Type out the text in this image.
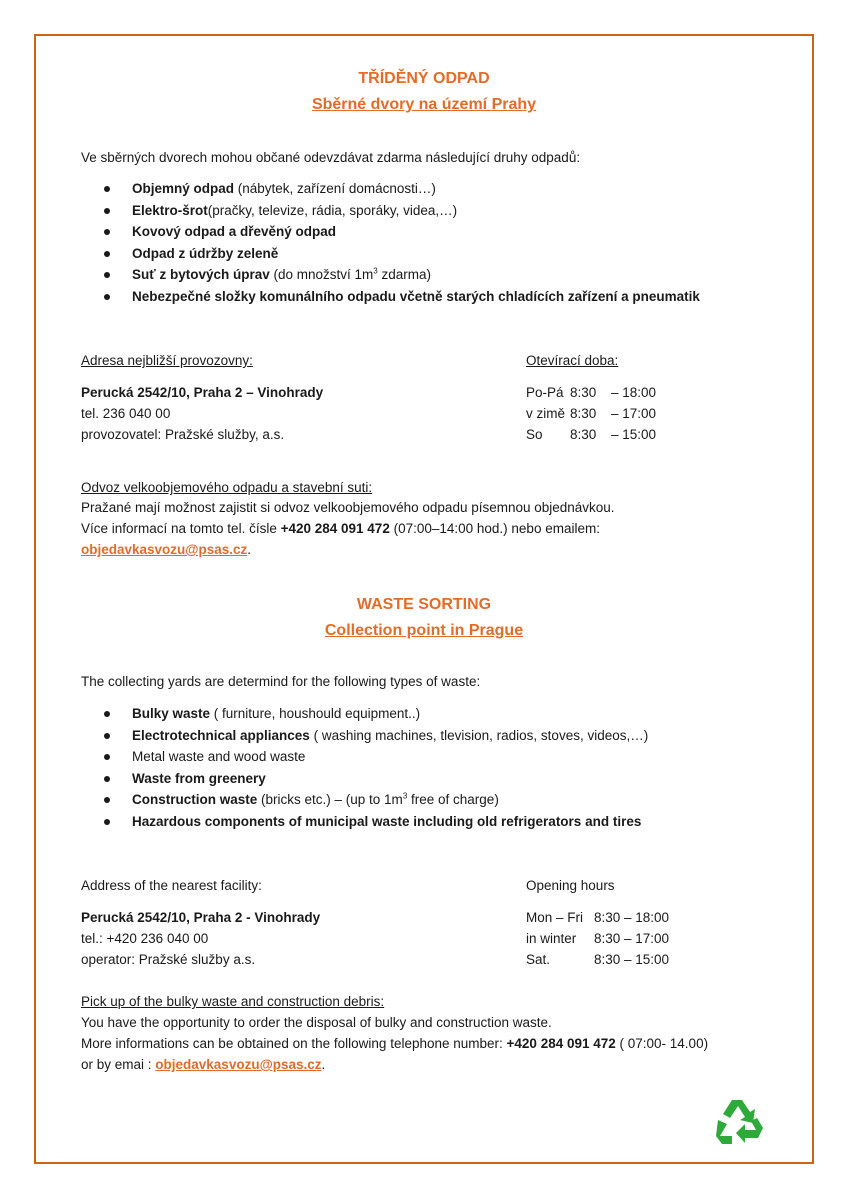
TŘÍDĚNÝ ODPAD
Sběrné dvory na území Prahy
Ve sběrných dvorech mohou občané odevzdávat zdarma následující druhy odpadů:
Objemný odpad (nábytek, zařízení domácnosti…)
Elektro-šrot(pračky, televize, rádia, sporáky, videa,…)
Kovový odpad a dřevěný odpad
Odpad z údržby zeleně
Suť z bytových úprav (do množství $1m^3$ zdarma)
Nebezpečné složky komunálního odpadu včetně starých chladících zařízení a pneumatik
Adresa nejbližší provozovny:
Perucká 2542/10, Praha 2 – Vinohrady
tel. 236 040 00
provozovatel: Pražské služby, a.s.
Otevírací doba:
Po-Pá	8:30	– 18:00
v zimě	8:30	– 17:00
So	8:30	– 15:00
Odvoz velkoobjemového odpadu a stavební suti:
Pražané mají možnost zajistit si odvoz velkoobjemového odpadu písemnou objednávkou.
Více informací na tomto tel. čísle +420 284 091 472 (07:00–14:00 hod.) nebo emailem:
objedavkasvozu@psas.cz.
WASTE SORTING
Collection point in Prague
The collecting yards are determind for the following types of waste:
Bulky waste ( furniture, houshould equipment..)
Electrotechnical appliances ( washing machines, tlevision, radios, stoves, videos,…)
Metal waste and wood waste
Waste from greenery
Construction waste (bricks etc.) – (up to $1m^3$ free of charge)
Hazardous components of municipal waste including old refrigerators and tires
Address of the nearest facility:
Perucká 2542/10, Praha 2 - Vinohrady
tel.: +420 236 040 00
operator: Pražské služby a.s.
Opening hours
Mon – Fri	8:30 – 18:00
in winter	8:30 – 17:00
Sat.	8:30 – 15:00
Pick up of the bulky waste and construction debris:
You have the opportunity to order the disposal of bulky and construction waste.
More informations can be obtained on the following telephone number: +420 284 091 472 ( 07:00- 14.00)
or by emai : objedavkasvozu@psas.cz.
